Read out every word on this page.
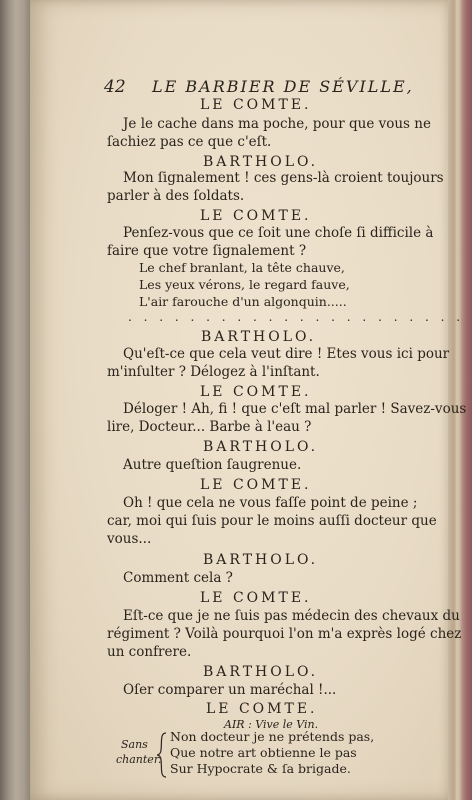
42 LE BARBIER DE SÉVILLE,
LE COMTE.
Je le cache dans ma poche, pour que vous ne
ſachiez pas ce que c'eſt.
BARTHOLO.
Mon ſignalement ! ces gens-là croient toujours
parler à des ſoldats.
LE COMTE.
Penſez-vous que ce ſoit une choſe ſi difficile à
faire que votre ſignalement ?
Le chef branlant, la tête chauve,
Les yeux vérons, le regard fauve,
L'air farouche d'un algonquin.....
. . . . . . . . . . . . . . . . . . . . . .
BARTHOLO.
Qu'eſt-ce que cela veut dire ! Etes vous ici pour
m'inſulter ? Délogez à l'inſtant.
LE COMTE.
Déloger ! Ah, fi ! que c'eſt mal parler ! Savez-vous
lire, Docteur... Barbe à l'eau ?
BARTHOLO.
Autre queſtion ſaugrenue.
LE COMTE.
Oh ! que cela ne vous faſſe point de peine ;
car, moi qui ſuis pour le moins auſſi docteur que
vous...
BARTHOLO.
Comment cela ?
LE COMTE.
Eſt-ce que je ne ſuis pas médecin des chevaux du
régiment ? Voilà pourquoi l'on m'a exprès logé chez
un confrere.
BARTHOLO.
Oſer comparer un maréchal !...
LE COMTE.
AIR : Vive le Vin.
Sans
chanter.
Non docteur je ne prétends pas,
Que notre art obtienne le pas
Sur Hypocrate & ſa brigade.
